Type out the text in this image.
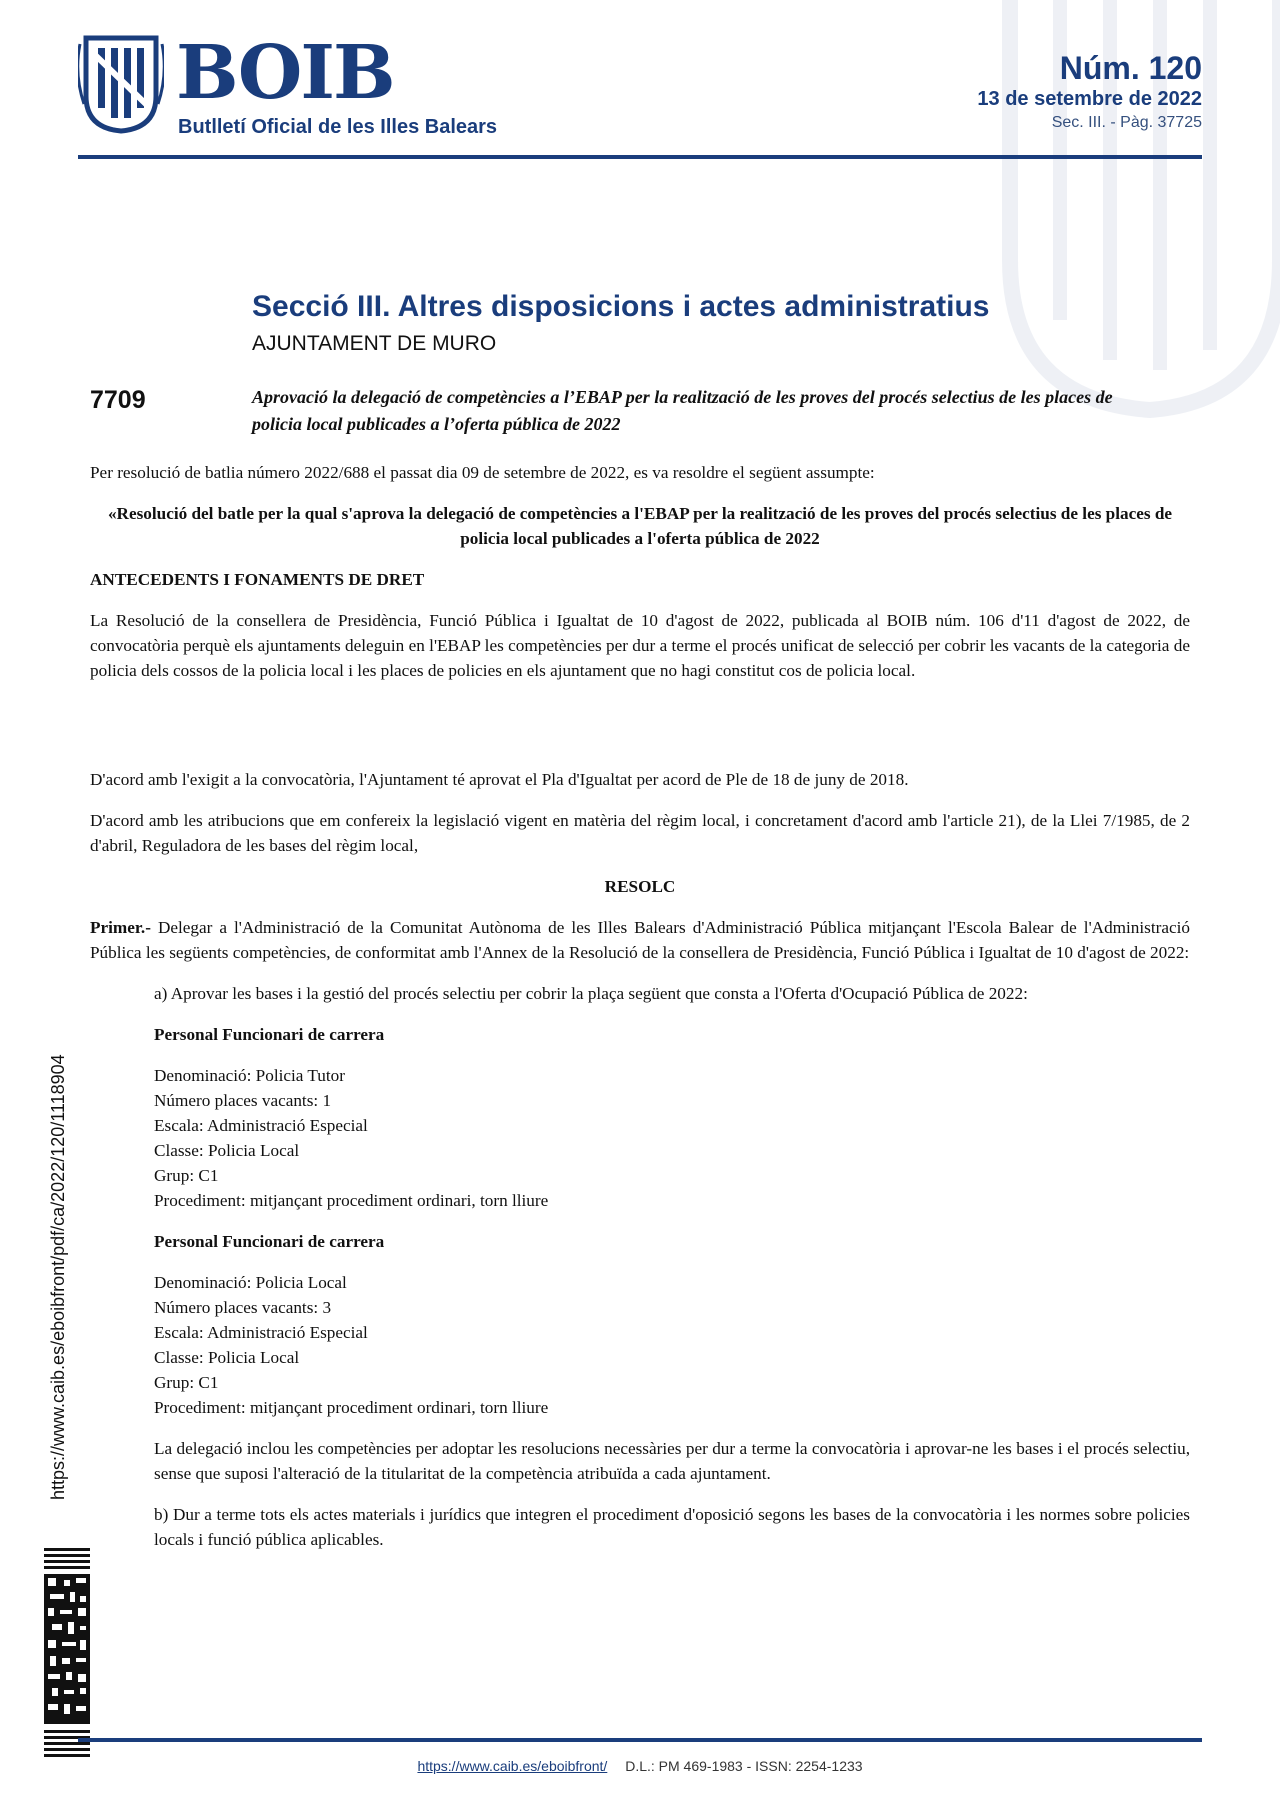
BOIB
Butlletí Oficial de les Illes Balears
Núm. 120
13 de setembre de 2022
Sec. III. - Pàg. 37725
Secció III. Altres disposicions i actes administratius
AJUNTAMENT DE MURO
7709	Aprovació la delegació de competències a l’EBAP per la realització de les proves del procés selectius de les places de policia local publicades a l’oferta pública de 2022

Per resolució de batlia número 2022/688 el passat dia 09 de setembre de 2022, es va resoldre el següent assumpte:

«Resolució del batle per la qual s'aprova la delegació de competències a l'EBAP per la realització de les proves del procés selectius de les places de policia local publicades a l'oferta pública de 2022

ANTECEDENTS I FONAMENTS DE DRET

La Resolució de la consellera de Presidència, Funció Pública i Igualtat de 10 d'agost de 2022, publicada al BOIB núm. 106 d'11 d'agost de 2022, de convocatòria perquè els ajuntaments deleguin en l'EBAP les competències per dur a terme el procés unificat de selecció per cobrir les vacants de la categoria de policia dels cossos de la policia local i les places de policies en els ajuntament que no hagi constitut cos de policia local.

D'acord amb l'exigit a la convocatòria, l'Ajuntament té aprovat el Pla d'Igualtat per acord de Ple de 18 de juny de 2018.

D'acord amb les atribucions que em confereix la legislació vigent en matèria del règim local, i concretament d'acord amb l'article 21), de la Llei 7/1985, de 2 d'abril, Reguladora de les bases del règim local,

RESOLC

Primer.- Delegar a l'Administració de la Comunitat Autònoma de les Illes Balears d'Administració Pública mitjançant l'Escola Balear de l'Administració Pública les següents competències, de conformitat amb l'Annex de la Resolució de la consellera de Presidència, Funció Pública i Igualtat de 10 d'agost de 2022:

a) Aprovar les bases i la gestió del procés selectiu per cobrir la plaça següent que consta a l'Oferta d'Ocupació Pública de 2022:

Personal Funcionari de carrera

Denominació: Policia Tutor
Número places vacants: 1
Escala: Administració Especial
Classe: Policia Local
Grup: C1
Procediment: mitjançant procediment ordinari, torn lliure

Personal Funcionari de carrera

Denominació: Policia Local
Número places vacants: 3
Escala: Administració Especial
Classe: Policia Local
Grup: C1
Procediment: mitjançant procediment ordinari, torn lliure

La delegació inclou les competències per adoptar les resolucions necessàries per dur a terme la convocatòria i aprovar-ne les bases i el procés selectiu, sense que suposi l'alteració de la titularitat de la competència atribuïda a cada ajuntament.

b) Dur a terme tots els actes materials i jurídics que integren el procediment d'oposició segons les bases de la convocatòria i les normes sobre policies locals i funció pública aplicables.

https://www.caib.es/eboibfront/pdf/ca/2022/120/1118904
https://www.caib.es/eboibfront/ D.L.: PM 469-1983 - ISSN: 2254-1233
